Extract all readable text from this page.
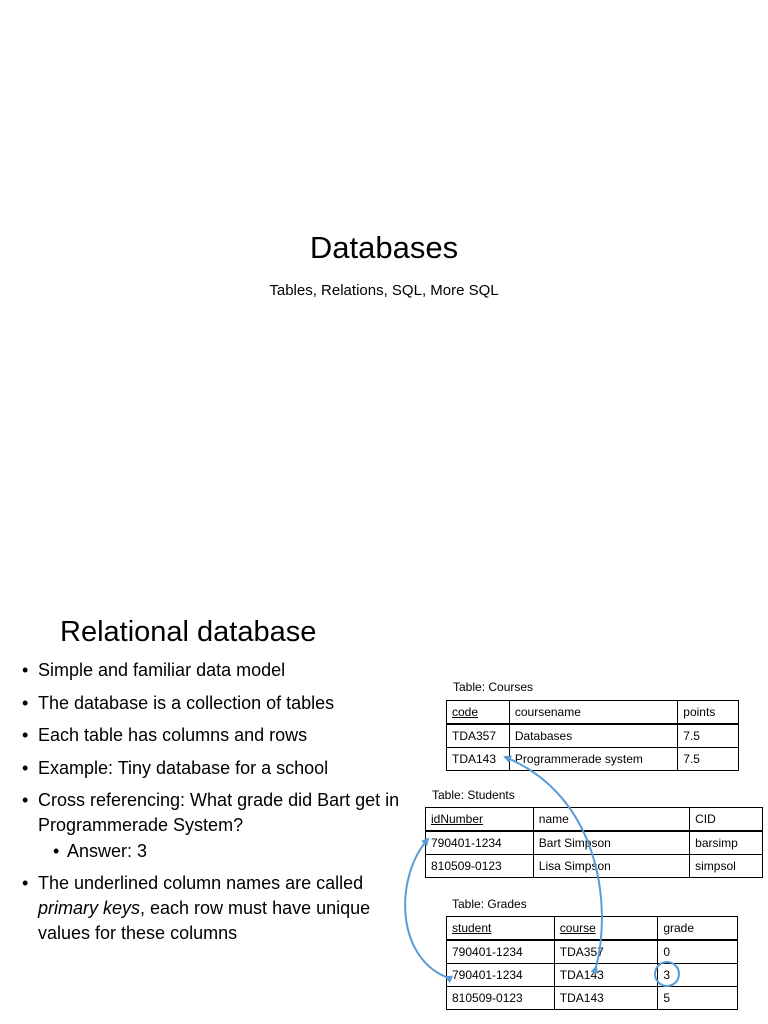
Databases
Tables, Relations, SQL, More SQL
Relational database
• Simple and familiar data model
• The database is a collection of tables
• Each table has columns and rows
• Example: Tiny database for a school
• Cross referencing: What grade did Bart get in Programmerade System?
• Answer: 3
• The underlined column names are called primary keys, each row must have unique values for these columns
Table: Courses
code	coursename	points
TDA357	Databases	7.5
TDA143	Programmerade system	7.5
Table: Students
idNumber	name	CID
790401-1234	Bart Simpson	barsimp
810509-0123	Lisa Simpson	simpsol
Table: Grades
student	course	grade
790401-1234	TDA357	0
790401-1234	TDA143	3
810509-0123	TDA143	5
